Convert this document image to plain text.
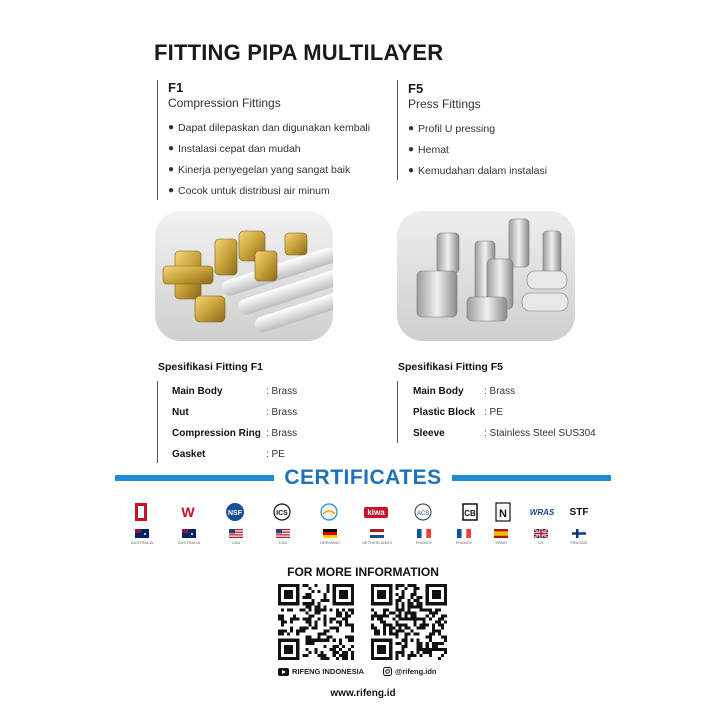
FITTING PIPA MULTILAYER
F1
Compression Fittings
● Dapat dilepaskan dan digunakan kembali
● Instalasi cepat dan mudah
● Kinerja penyegelan yang sangat baik
● Cocok untuk distribusi air minum
F5
Press Fittings
● Profil U pressing
● Hemat
● Kemudahan dalam instalasi
Spesifikasi Fitting F1
Main Body	: Brass
Nut	: Brass
Compression Ring : Brass
Gasket	: PE
Spesifikasi Fitting F5
Main Body	: Brass
Plastic Block : PE
Sleeve	: Stainless Steel SUS304
CERTIFICATES
W	NSF	ICS	kiwa	ACS	CB N	WRAS STF
AUSTRALIA	AUSTRALIA	USA	USA	GERMANY	NETHERLANDS	FRANCE	FRANCE	SPAIN	UK	FINLAND
FOR MORE INFORMATION
RIFENG INDONESIA	@rifeng.idn
www.rifeng.id
